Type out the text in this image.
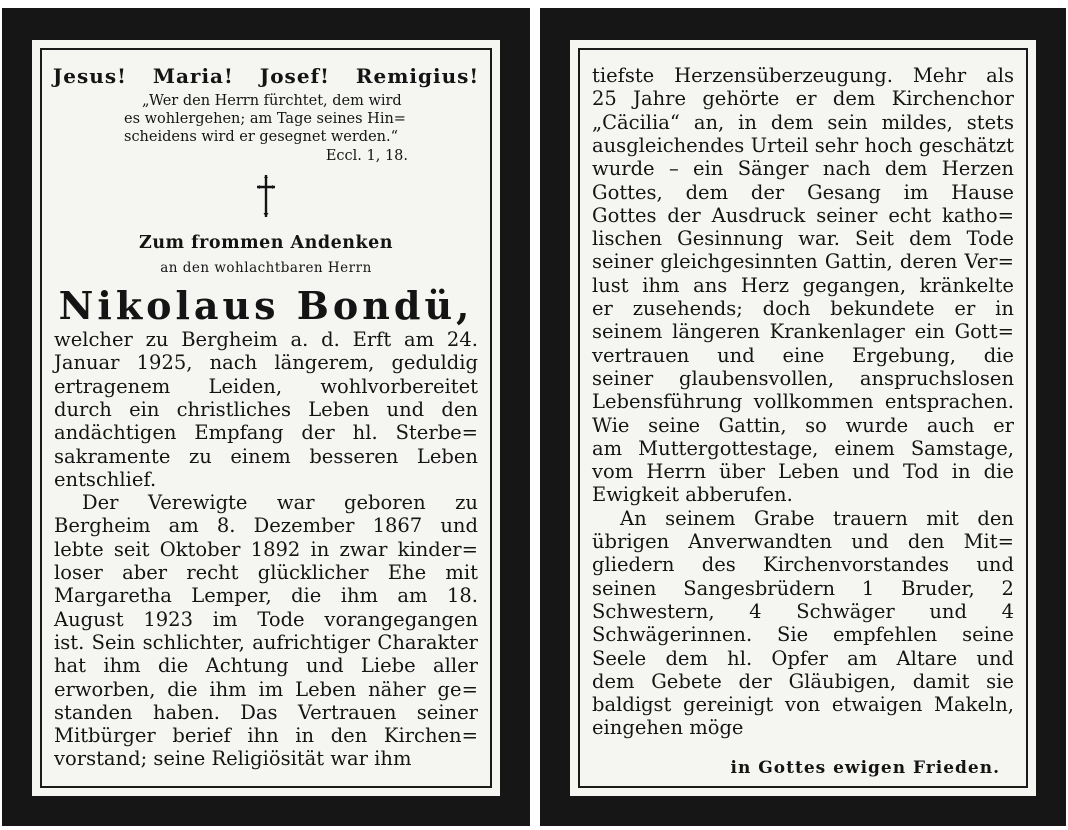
Jesus! Maria! Josef! Remigius!
„Wer den Herrn fürchtet, dem wird
es wohlergehen; am Tage seines Hin=
scheidens wird er gesegnet werden.“
Eccl. 1, 18.
Zum frommen Andenken
an den wohlachtbaren Herrn
Nikolaus Bondü,
welcher zu Bergheim a. d. Erft am 24.
Januar 1925, nach längerem, geduldig
ertragenem Leiden, wohlvorbereitet
durch ein christliches Leben und den
andächtigen Empfang der hl. Sterbe=
sakramente zu einem besseren Leben
entschlief.
Der Verewigte war geboren zu
Bergheim am 8. Dezember 1867 und
lebte seit Oktober 1892 in zwar kinder=
loser aber recht glücklicher Ehe mit
Margaretha Lemper, die ihm am 18.
August 1923 im Tode vorangegangen
ist. Sein schlichter, aufrichtiger Charakter
hat ihm die Achtung und Liebe aller
erworben, die ihm im Leben näher ge=
standen haben. Das Vertrauen seiner
Mitbürger berief ihn in den Kirchen=
vorstand; seine Religiösität war ihm
tiefste Herzensüberzeugung. Mehr als
25 Jahre gehörte er dem Kirchenchor
„Cäcilia“ an, in dem sein mildes, stets
ausgleichendes Urteil sehr hoch geschätzt
wurde – ein Sänger nach dem Herzen
Gottes, dem der Gesang im Hause
Gottes der Ausdruck seiner echt katho=
lischen Gesinnung war. Seit dem Tode
seiner gleichgesinnten Gattin, deren Ver=
lust ihm ans Herz gegangen, kränkelte
er zusehends; doch bekundete er in
seinem längeren Krankenlager ein Gott=
vertrauen und eine Ergebung, die
seiner glaubensvollen, anspruchslosen
Lebensführung vollkommen entsprachen.
Wie seine Gattin, so wurde auch er
am Muttergottestage, einem Samstage,
vom Herrn über Leben und Tod in die
Ewigkeit abberufen.
An seinem Grabe trauern mit den
übrigen Anverwandten und den Mit=
gliedern des Kirchenvorstandes und
seinen Sangesbrüdern 1 Bruder, 2
Schwestern, 4 Schwäger und 4
Schwägerinnen. Sie empfehlen seine
Seele dem hl. Opfer am Altare und
dem Gebete der Gläubigen, damit sie
baldigst gereinigt von etwaigen Makeln,
eingehen möge
in Gottes ewigen Frieden.
